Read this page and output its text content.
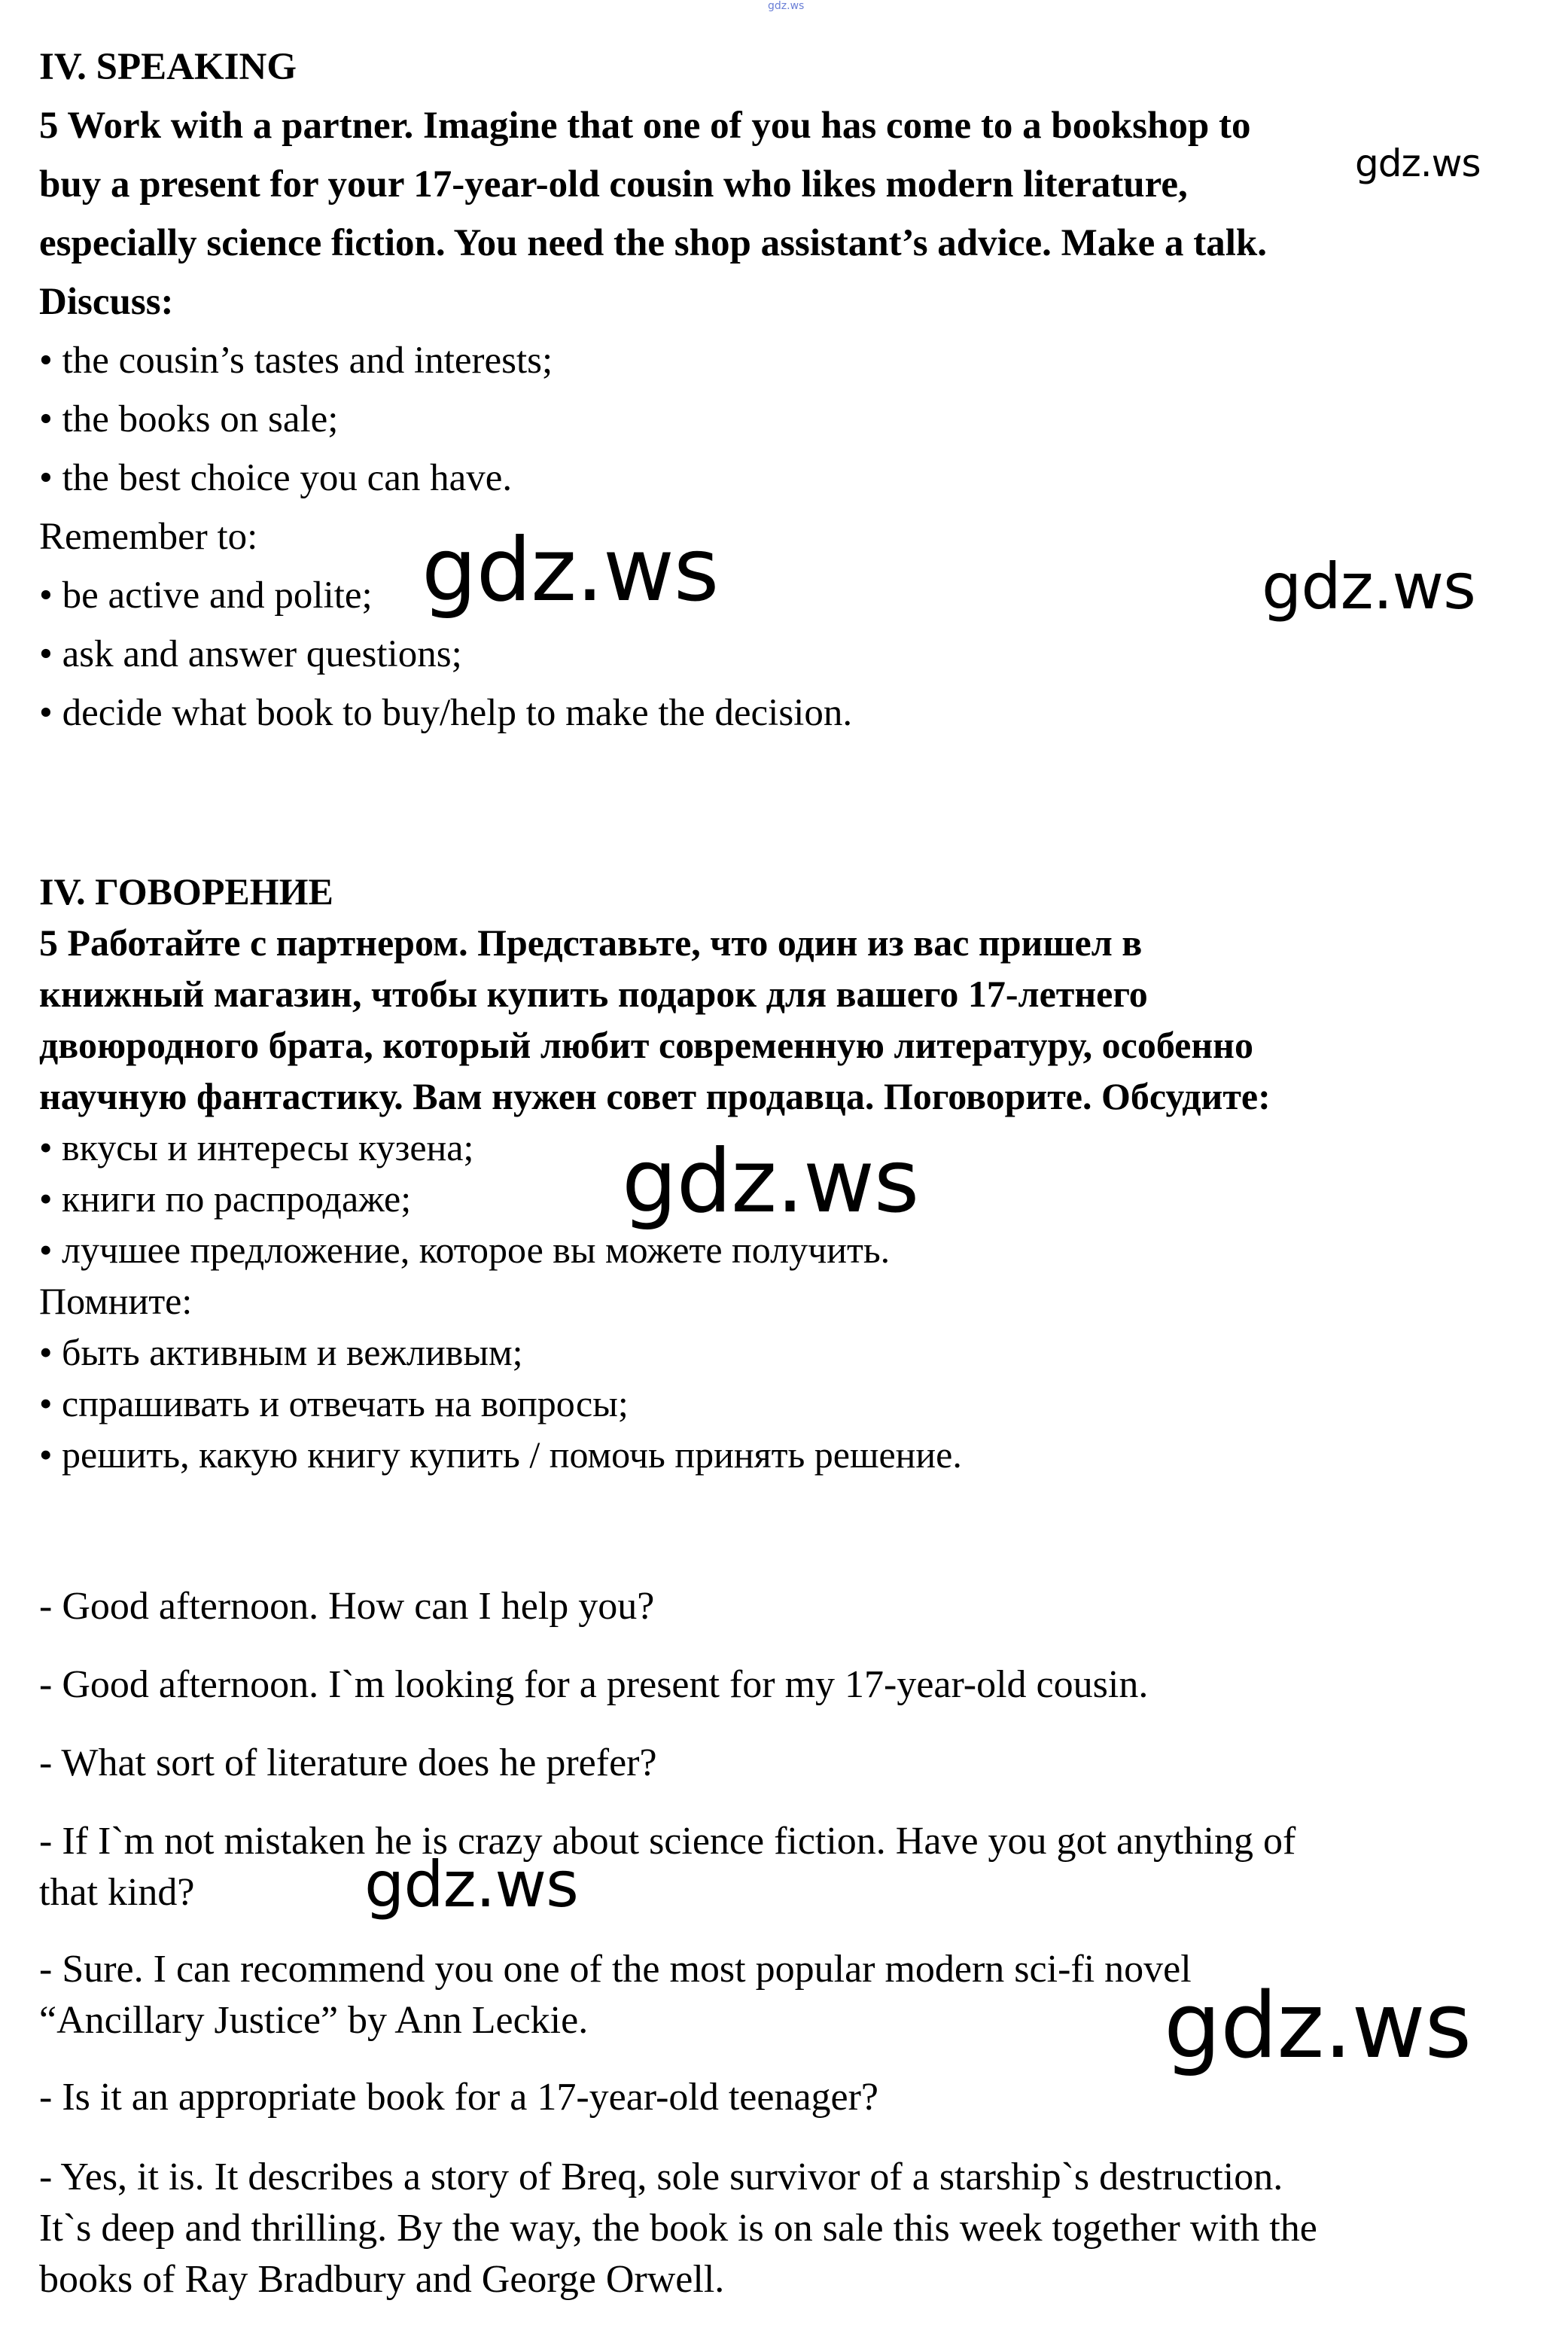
gdz.ws
IV. SPEAKING
5 Work with a partner. Imagine that one of you has come to a bookshop to
buy a present for your 17-year-old cousin who likes modern literature,
especially science fiction. You need the shop assistant’s advice. Make a talk.
Discuss:
• the cousin’s tastes and interests;
• the books on sale;
• the best choice you can have.
Remember to:
• be active and polite;
• ask and answer questions;
• decide what book to buy/help to make the decision.
IV. ГОВОРЕНИЕ
5 Работайте с партнером. Представьте, что один из вас пришел в
книжный магазин, чтобы купить подарок для вашего 17-летнего
двоюродного брата, который любит современную литературу, особенно
научную фантастику. Вам нужен совет продавца. Поговорите. Обсудите:
• вкусы и интересы кузена;
• книги по распродаже;
• лучшее предложение, которое вы можете получить.
Помните:
• быть активным и вежливым;
• спрашивать и отвечать на вопросы;
• решить, какую книгу купить / помочь принять решение.
- Good afternoon. How can I help you?
- Good afternoon. I`m looking for a present for my 17-year-old cousin.
- What sort of literature does he prefer?
- If I`m not mistaken he is crazy about science fiction. Have you got anything of
that kind?
- Sure. I can recommend you one of the most popular modern sci-fi novel
“Ancillary Justice” by Ann Leckie.
- Is it an appropriate book for a 17-year-old teenager?
- Yes, it is. It describes a story of Breq, sole survivor of a starship`s destruction.
It`s deep and thrilling. By the way, the book is on sale this week together with the
books of Ray Bradbury and George Orwell.
gdz.ws
gdz.ws	gdz.ws
gdz.ws
gdz.ws
gdz.ws
